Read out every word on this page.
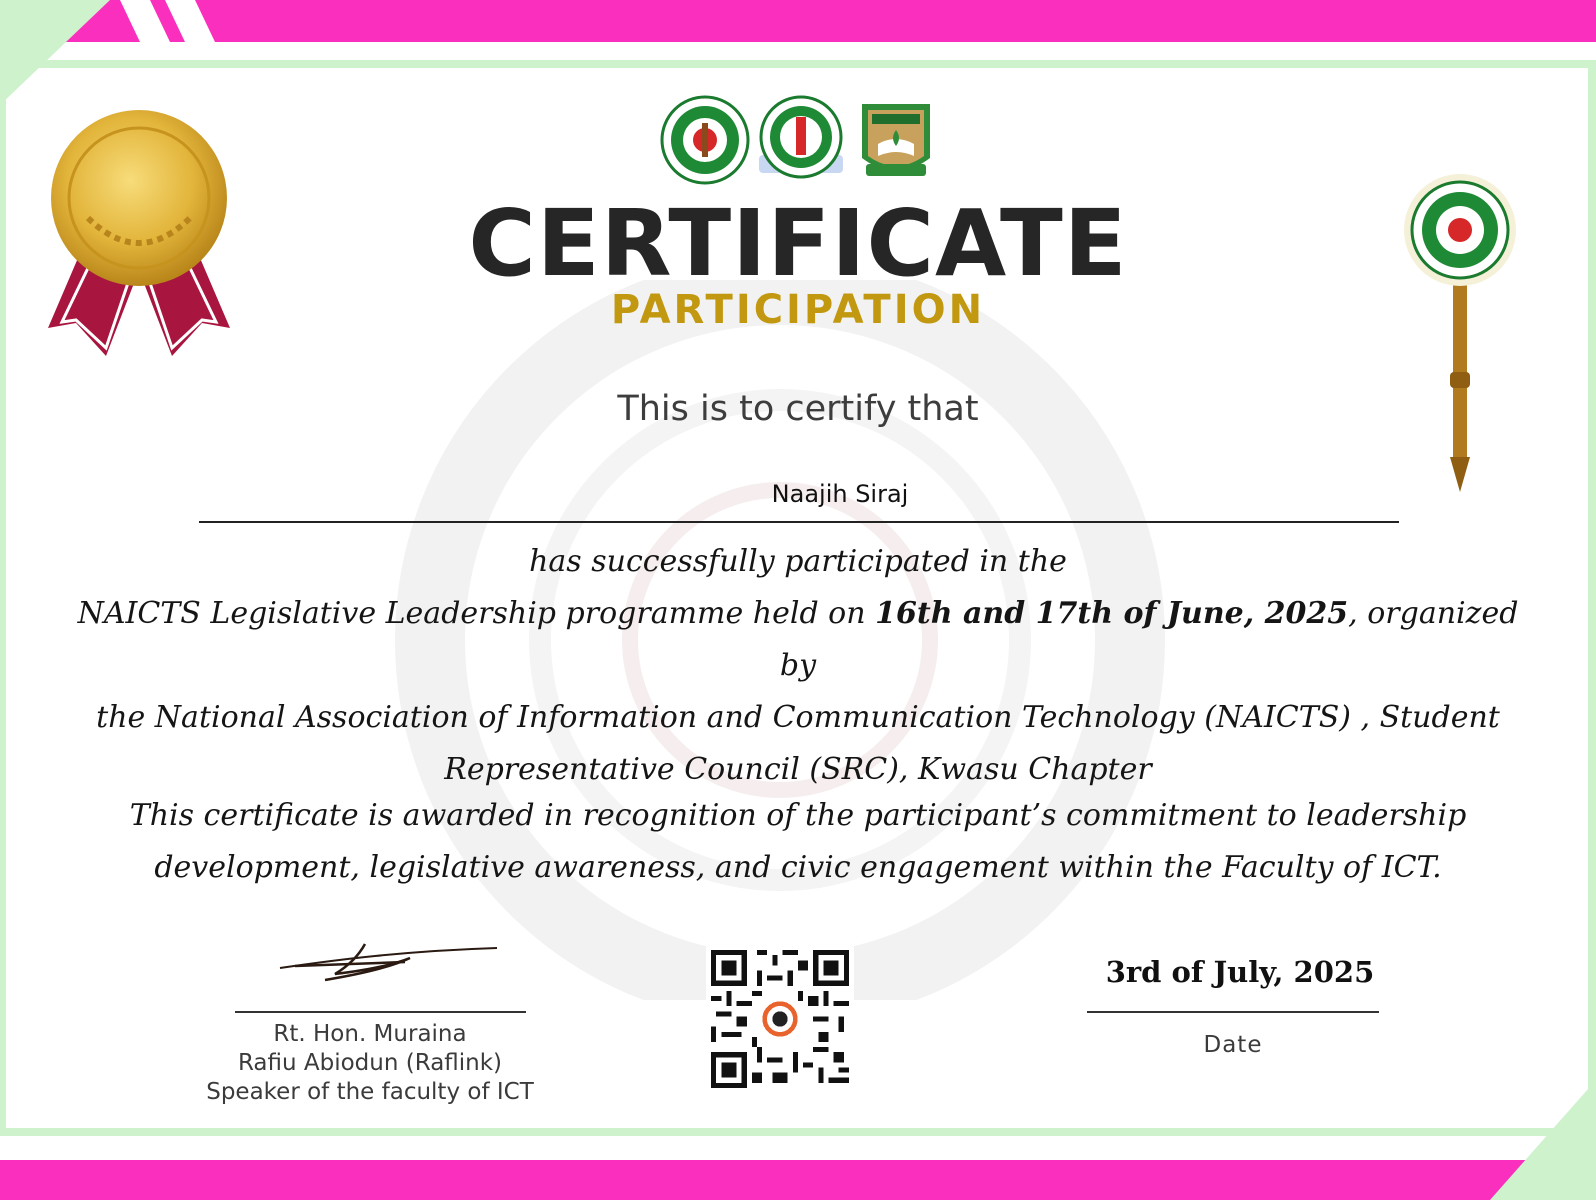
CERTIFICATE
PARTICIPATION
This is to certify that
Naajih Siraj
has successfully participated in the
NAICTS Legislative Leadership programme held on 16th and 17th of June, 2025, organized by
the National Association of Information and Communication Technology (NAICTS) , Student
Representative Council (SRC), Kwasu Chapter
This certificate is awarded in recognition of the participant’s commitment to leadership
development, legislative awareness, and civic engagement within the Faculty of ICT.
Rt. Hon. Muraina
Rafiu Abiodun (Raflink)
Speaker of the faculty of ICT
3rd of July, 2025
Date
